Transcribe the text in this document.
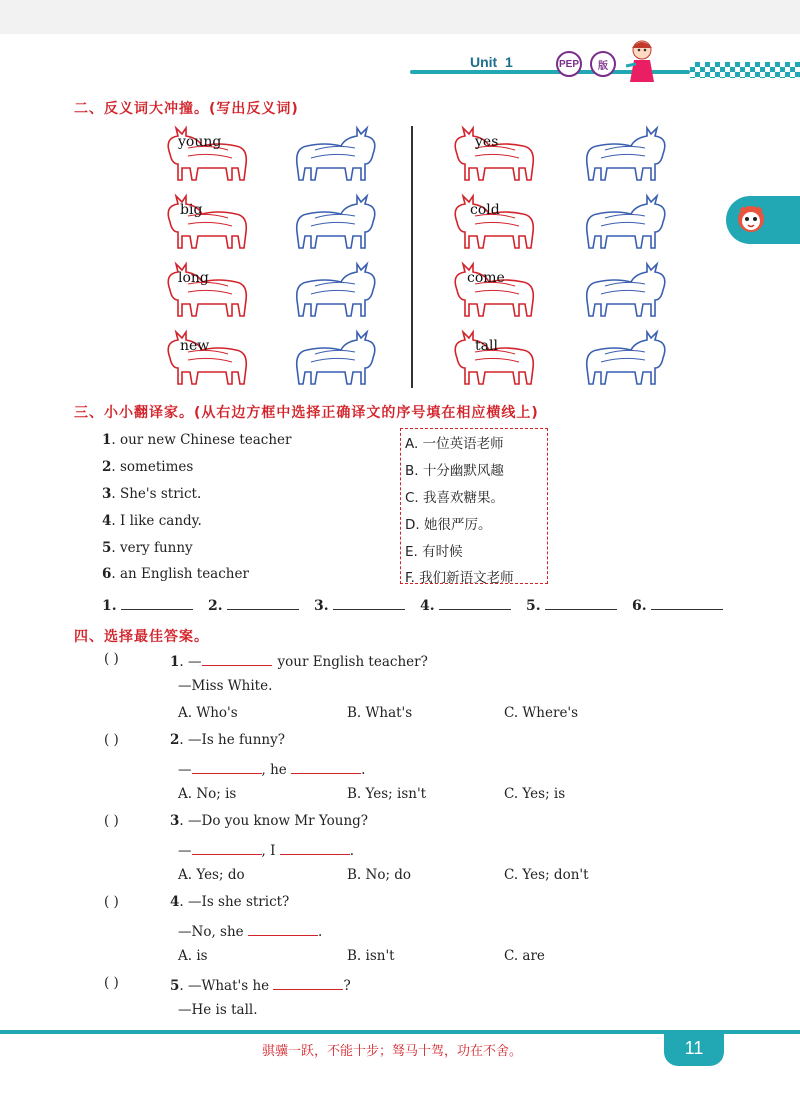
Unit 1	PEP	版
二、反义词大冲撞。(写出反义词)
young	yes
big	cold
long	come
new	tall
三、小小翻译家。(从右边方框中选择正确译文的序号填在相应横线上)
1. our new Chinese teacher
2. sometimes
3. She's strict.
4. I like candy.
5. very funny
6. an English teacher
A. 一位英语老师
B. 十分幽默风趣
C. 我喜欢糖果。
D. 她很严厉。
E. 有时候
F. 我们新语文老师
1.	2.	3.	4.	5.	6.
四、选择最佳答案。
( )	1. —	your English teacher?
—Miss White.
A. Who's	B. What's	C. Where's
( )	2. —Is he funny?
—	, he	.
A. No; is	B. Yes; isn't	C. Yes; is
( )	3. —Do you know Mr Young?
—	, I	.
A. Yes; do	B. No; do	C. Yes; don't
( )	4. —Is she strict?
—No, she	.
A. is	B. isn't	C. are
( )	5. —What's he	?
—He is tall.
骐骥一跃，不能十步；驽马十驾，功在不舍。	11
